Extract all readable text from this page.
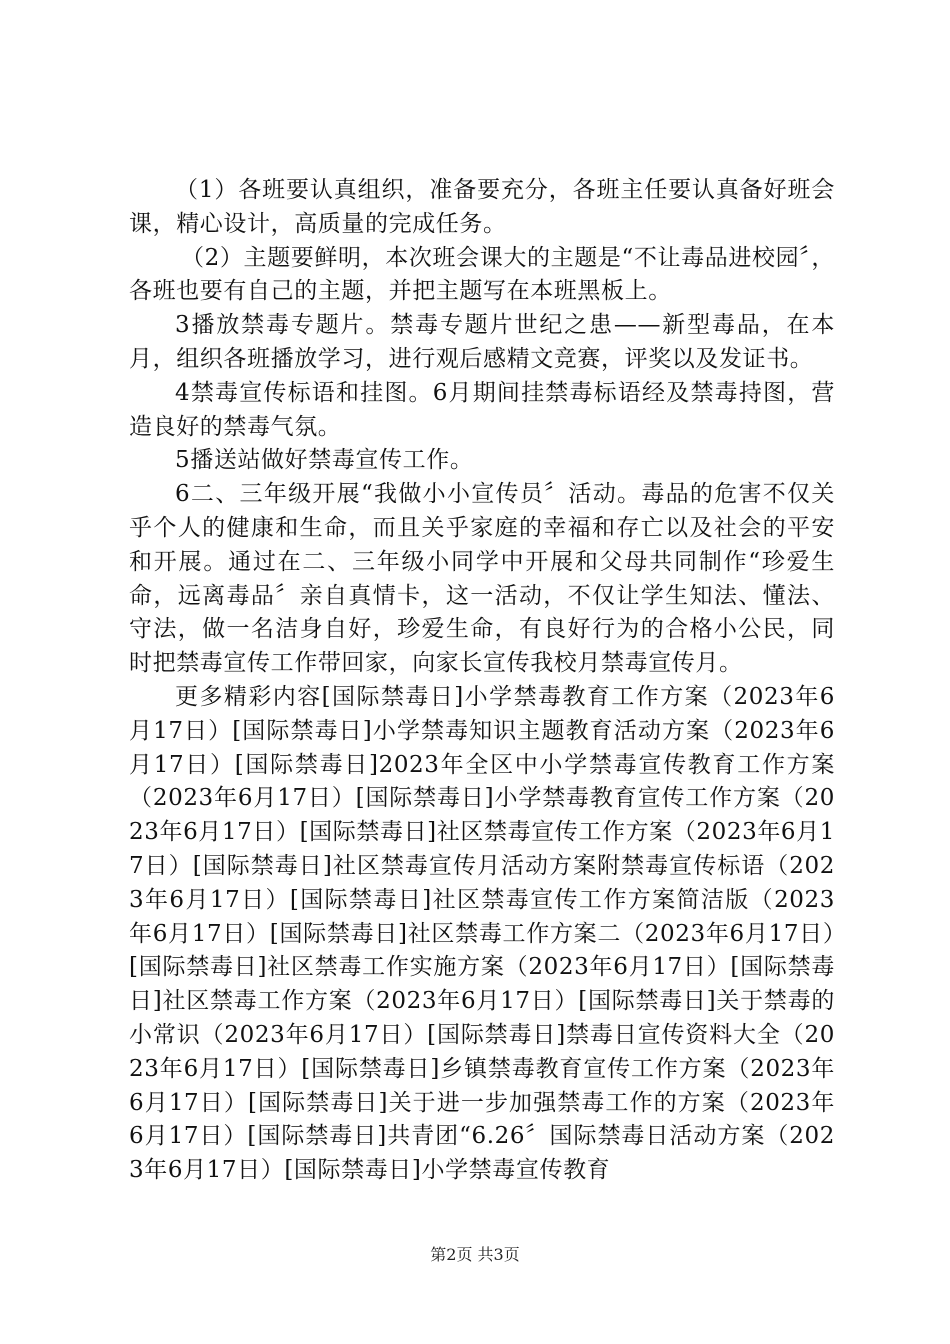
（1）各班要认真组织，准备要充分，各班主任要认真备好班会课，精心设计，高质量的完成任务。

（2）主题要鲜明，本次班会课大的主题是“不让毒品进校园〞，各班也要有自己的主题，并把主题写在本班黑板上。

3播放禁毒专题片。禁毒专题片世纪之患——新型毒品，在本月，组织各班播放学习，进行观后感精文竞赛，评奖以及发证书。

4禁毒宣传标语和挂图。6月期间挂禁毒标语经及禁毒持图，营造良好的禁毒气氛。

5播送站做好禁毒宣传工作。

6二、三年级开展“我做小小宣传员〞活动。毒品的危害不仅关乎个人的健康和生命，而且关乎家庭的幸福和存亡以及社会的平安和开展。通过在二、三年级小同学中开展和父母共同制作“珍爱生命，远离毒品〞亲自真情卡，这一活动，不仅让学生知法、懂法、守法，做一名洁身自好，珍爱生命，有良好行为的合格小公民，同时把禁毒宣传工作带回家，向家长宣传我校月禁毒宣传月。

更多精彩内容[国际禁毒日]小学禁毒教育工作方案（2023年6月17日）[国际禁毒日]小学禁毒知识主题教育活动方案（2023年6月17日）[国际禁毒日]2023年全区中小学禁毒宣传教育工作方案（2023年6月17日）[国际禁毒日]小学禁毒教育宣传工作方案（2023年6月17日）[国际禁毒日]社区禁毒宣传工作方案（2023年6月17日）[国际禁毒日]社区禁毒宣传月活动方案附禁毒宣传标语（2023年6月17日）[国际禁毒日]社区禁毒宣传工作方案简洁版（2023年6月17日）[国际禁毒日]社区禁毒工作方案二（2023年6月17日）[国际禁毒日]社区禁毒工作实施方案（2023年6月17日）[国际禁毒日]社区禁毒工作方案（2023年6月17日）[国际禁毒日]关于禁毒的小常识（2023年6月17日）[国际禁毒日]禁毒日宣传资料大全（2023年6月17日）[国际禁毒日]乡镇禁毒教育宣传工作方案（2023年6月17日）[国际禁毒日]关于进一步加强禁毒工作的方案（2023年6月17日）[国际禁毒日]共青团“6.26〞国际禁毒日活动方案（2023年6月17日）[国际禁毒日]小学禁毒宣传教育

第2页 共3页
